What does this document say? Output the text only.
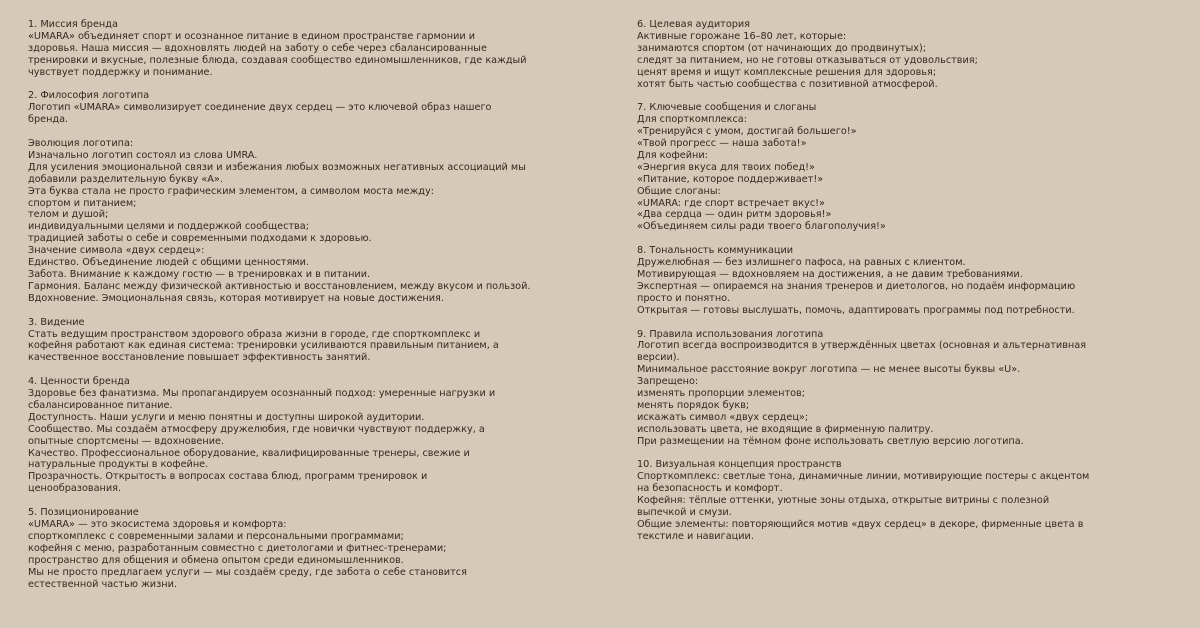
1. Миссия бренда
«UMARA» объединяет спорт и осознанное питание в едином пространстве гармонии и
здоровья. Наша миссия — вдохновлять людей на заботу о себе через сбалансированные
тренировки и вкусные, полезные блюда, создавая сообщество единомышленников, где каждый
чувствует поддержку и понимание.
2. Философия логотипа
Логотип «UMARA» символизирует соединение двух сердец — это ключевой образ нашего
бренда.
Эволюция логотипа:
Изначально логотип состоял из слова UMRA.
Для усиления эмоциональной связи и избежания любых возможных негативных ассоциаций мы
добавили разделительную букву «A».
Эта буква стала не просто графическим элементом, а символом моста между:
спортом и питанием;
телом и душой;
индивидуальными целями и поддержкой сообщества;
традицией заботы о себе и современными подходами к здоровью.
Значение символа «двух сердец»:
Единство. Объединение людей с общими ценностями.
Забота. Внимание к каждому гостю — в тренировках и в питании.
Гармония. Баланс между физической активностью и восстановлением, между вкусом и пользой.
Вдохновение. Эмоциональная связь, которая мотивирует на новые достижения.
3. Видение
Стать ведущим пространством здорового образа жизни в городе, где спорткомплекс и
кофейня работают как единая система: тренировки усиливаются правильным питанием, а
качественное восстановление повышает эффективность занятий.
4. Ценности бренда
Здоровье без фанатизма. Мы пропагандируем осознанный подход: умеренные нагрузки и
сбалансированное питание.
Доступность. Наши услуги и меню понятны и доступны широкой аудитории.
Сообщество. Мы создаём атмосферу дружелюбия, где новички чувствуют поддержку, а
опытные спортсмены — вдохновение.
Качество. Профессиональное оборудование, квалифицированные тренеры, свежие и
натуральные продукты в кофейне.
Прозрачность. Открытость в вопросах состава блюд, программ тренировок и
ценообразования.
5. Позиционирование
«UMARA» — это экосистема здоровья и комфорта:
спорткомплекс с современными залами и персональными программами;
кофейня с меню, разработанным совместно с диетологами и фитнес-тренерами;
пространство для общения и обмена опытом среди единомышленников.
Мы не просто предлагаем услуги — мы создаём среду, где забота о себе становится
естественной частью жизни.
6. Целевая аудитория
Активные горожане 16–80 лет, которые:
занимаются спортом (от начинающих до продвинутых);
следят за питанием, но не готовы отказываться от удовольствия;
ценят время и ищут комплексные решения для здоровья;
хотят быть частью сообщества с позитивной атмосферой.
7. Ключевые сообщения и слоганы
Для спорткомплекса:
«Тренируйся с умом, достигай большего!»
«Твой прогресс — наша забота!»
Для кофейни:
«Энергия вкуса для твоих побед!»
«Питание, которое поддерживает!»
Общие слоганы:
«UMARA: где спорт встречает вкус!»
«Два сердца — один ритм здоровья!»
«Объединяем силы ради твоего благополучия!»
8. Тональность коммуникации
Дружелюбная — без излишнего пафоса, на равных с клиентом.
Мотивирующая — вдохновляем на достижения, а не давим требованиями.
Экспертная — опираемся на знания тренеров и диетологов, но подаём информацию
просто и понятно.
Открытая — готовы выслушать, помочь, адаптировать программы под потребности.
9. Правила использования логотипа
Логотип всегда воспроизводится в утверждённых цветах (основная и альтернативная
версии).
Минимальное расстояние вокруг логотипа — не менее высоты буквы «U».
Запрещено:
изменять пропорции элементов;
менять порядок букв;
искажать символ «двух сердец»;
использовать цвета, не входящие в фирменную палитру.
При размещении на тёмном фоне использовать светлую версию логотипа.
10. Визуальная концепция пространств
Спорткомплекс: светлые тона, динамичные линии, мотивирующие постеры с акцентом
на безопасность и комфорт.
Кофейня: тёплые оттенки, уютные зоны отдыха, открытые витрины с полезной
выпечкой и смузи.
Общие элементы: повторяющийся мотив «двух сердец» в декоре, фирменные цвета в
текстиле и навигации.
